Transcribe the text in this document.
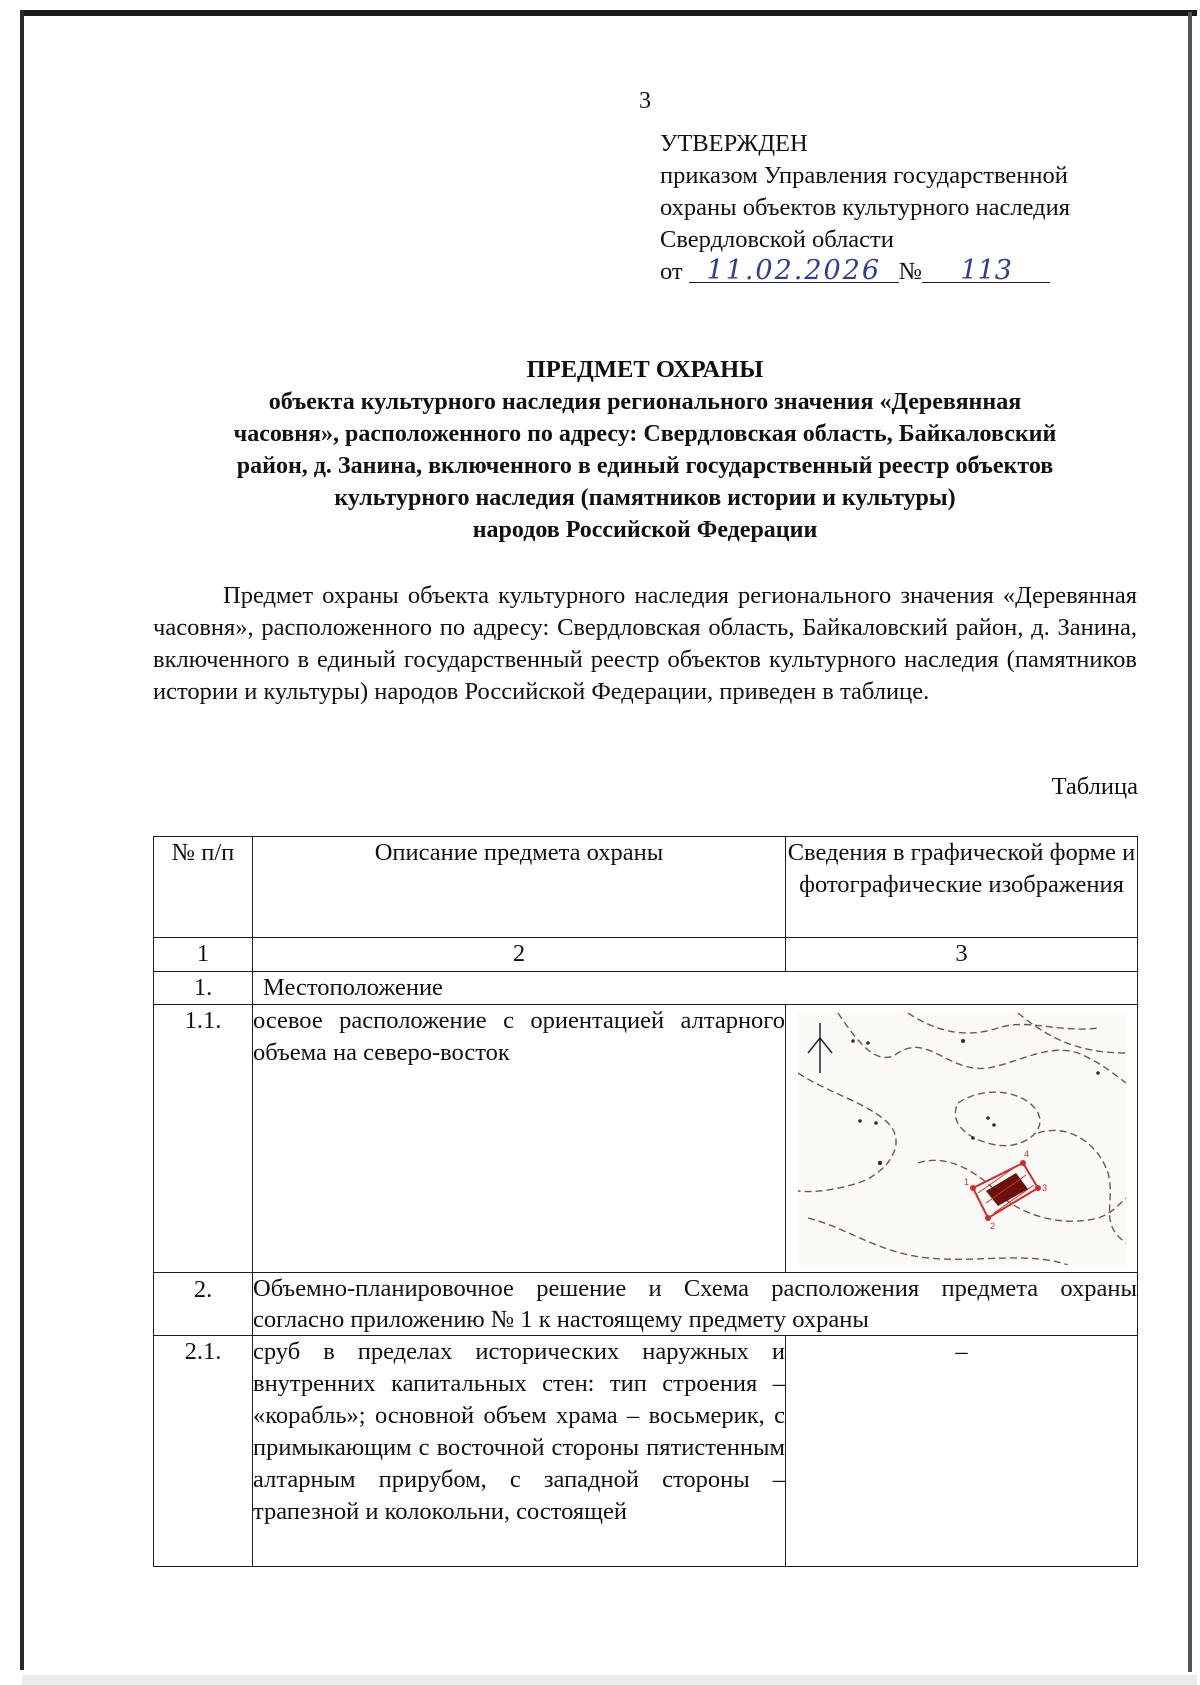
3
УТВЕРЖДЕН
приказом Управления государственной
охраны объектов культурного наследия
Свердловской области
от 11.02.2026 № 113
ПРЕДМЕТ ОХРАНЫ
объекта культурного наследия регионального значения «Деревянная
часовня», расположенного по адресу: Свердловская область, Байкаловский
район, д. Занина, включенного в единый государственный реестр объектов
культурного наследия (памятников истории и культуры)
народов Российской Федерации
Предмет охраны объекта культурного наследия регионального значения «Деревянная часовня», расположенного по адресу: Свердловская область, Байкаловский район, д. Занина, включенного в единый государственный реестр объектов культурного наследия (памятников истории и культуры) народов Российской Федерации, приведен в таблице.
Таблица
№ п/п	Описание предмета охраны	Сведения в графической форме и фотографические изображения
1	2	3
1.	Местоположение	
1.1.	осевое расположение с ориентацией алтарного объема на северо-восток	1
2
3
4

2.	Объемно-планировочное решение и Схема расположения предмета охраны согласно приложению № 1 к настоящему предмету охраны	
2.1.	сруб в пределах исторических наружных и внутренних капитальных стен: тип строения – «корабль»; основной объем храма – восьмерик, с примыкающим с восточной стороны пятистенным алтарным прирубом, с западной стороны – трапезной и колокольни, состоящей	–
